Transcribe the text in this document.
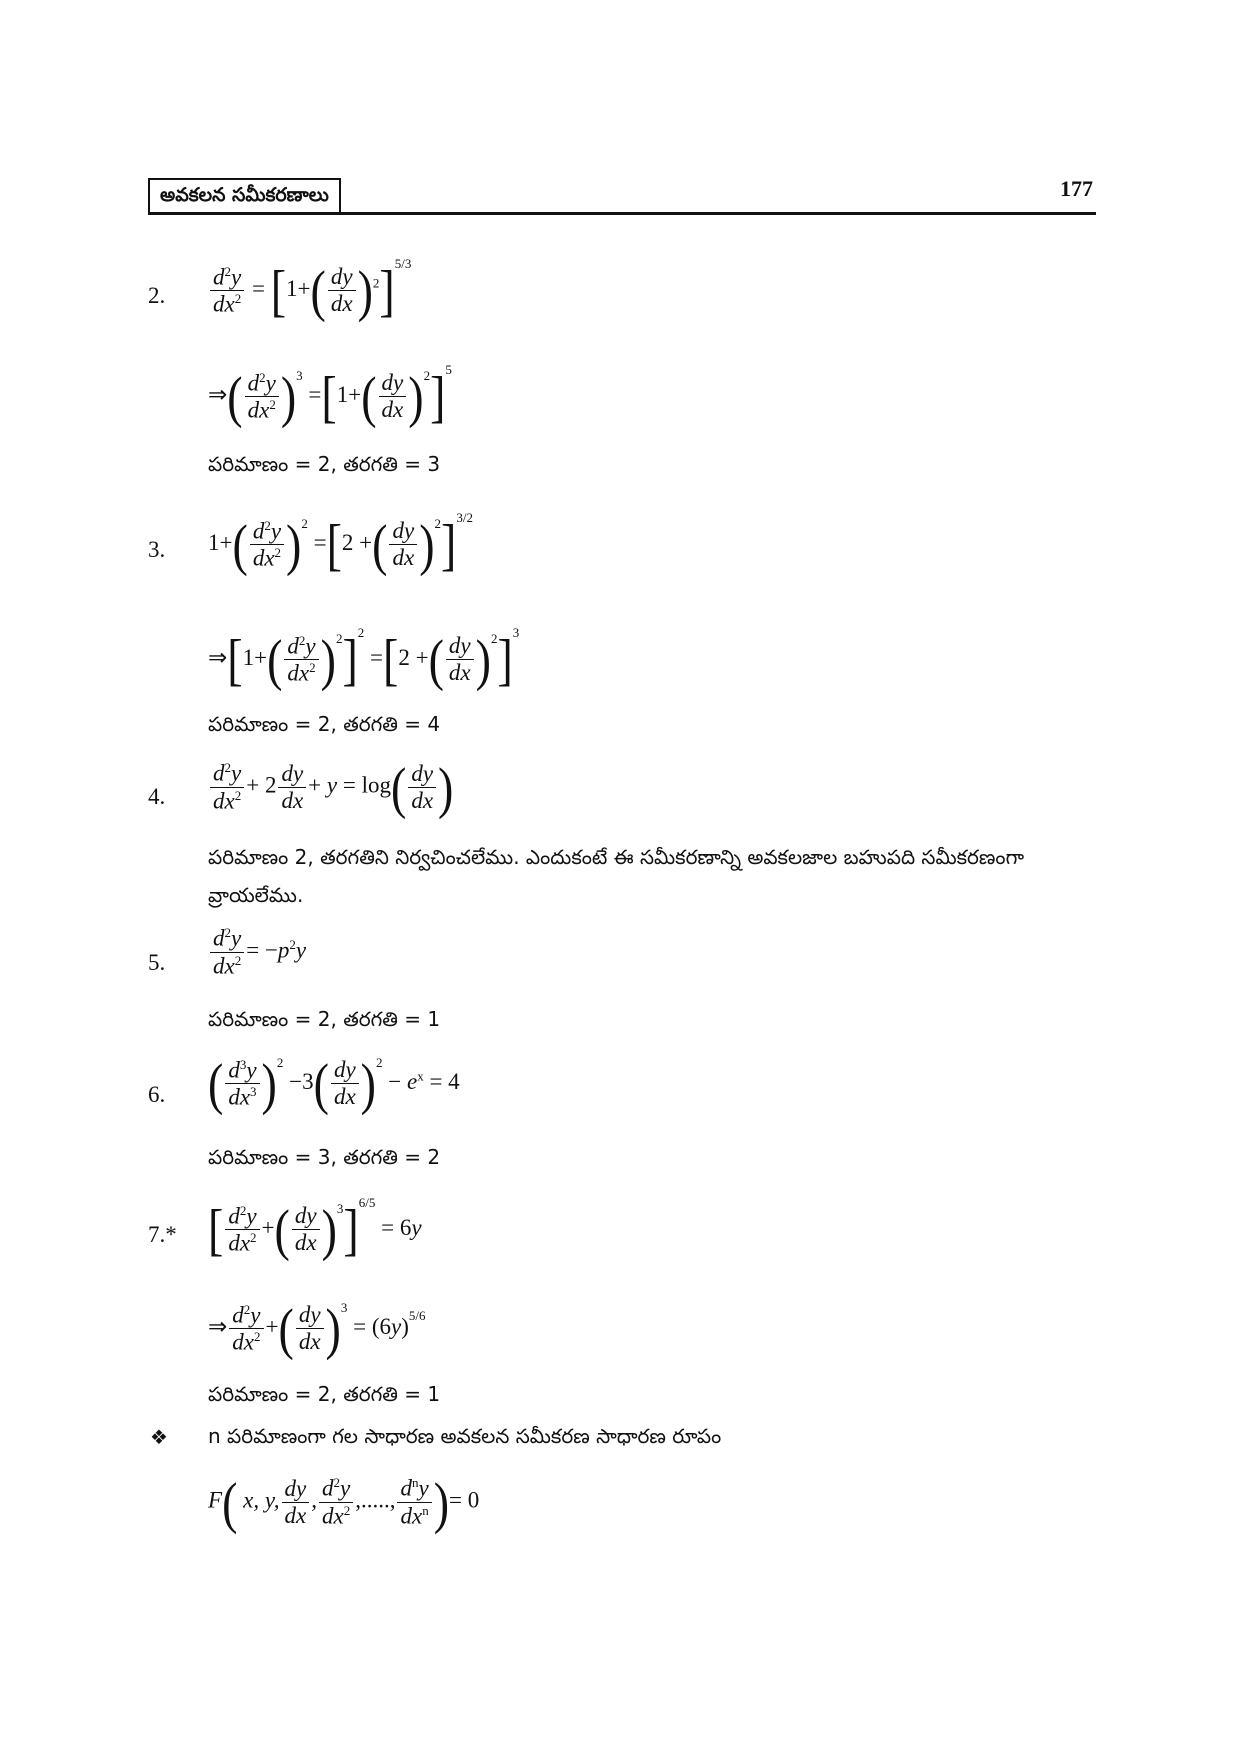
అవకలన సమీకరణాలు	177
2. $\frac{d^2y}{dx^2} = [1+( \frac{dy}{dx} )^2]^{5/3}$
⇒( $\frac{d^2y}{dx^2} )^3 =[1+( \frac{dy}{dx} )^2]^5$
పరిమాణం = 2, తరగతి = 3
3. $1+( \frac{d^2y}{dx^2} )^2 =[2$ +( $\frac{dy}{dx} )^2]^{3/2}$
⇒[1+( $\frac{d^2y}{dx^2} )^2]^2 =[2$ +( $\frac{dy}{dx} )^2]^3$
పరిమాణం = 2, తరగతి = 4
4. $\frac{d^2y}{dx^2} + 2 \frac{dy}{dx} + y = \log( \frac{dy}{dx}$ )
పరిమాణం 2, తరగతిని నిర్వచించలేము. ఎందుకంటే ఈ సమీకరణాన్ని అవకలజాల బహుపది సమీకరణంగా వ్రాయలేము.
5. $\frac{d^2y}{dx^2} = -p^2y$
పరిమాణం = 2, తరగతి = 1
6. ( $\frac{d^3y}{dx^3} )^2 -3( \frac{dy}{dx} )^2 - e^x = 4$
పరిమాణం = 3, తరగతి = 2
7.* [ $\frac{d^2y}{dx^2}$ +( $\frac{dy}{dx} )^3]^{6/5} = 6y$
⇒ $\frac{d^2y}{dx^2}$ +( $\frac{dy}{dx} )^3 = (6y)^{5/6}$
పరిమాణం = 2, తరగతి = 1
❖ n పరిమాణంగా గల సాధారణ అవకలన సమీకరణ సాధారణ రూపం
F( x, y, $\frac{dy}{dx}$ , $\frac{d^2y}{dx^2}$ ,....., $\frac{d^ny}{dx^n}$ )= 0
